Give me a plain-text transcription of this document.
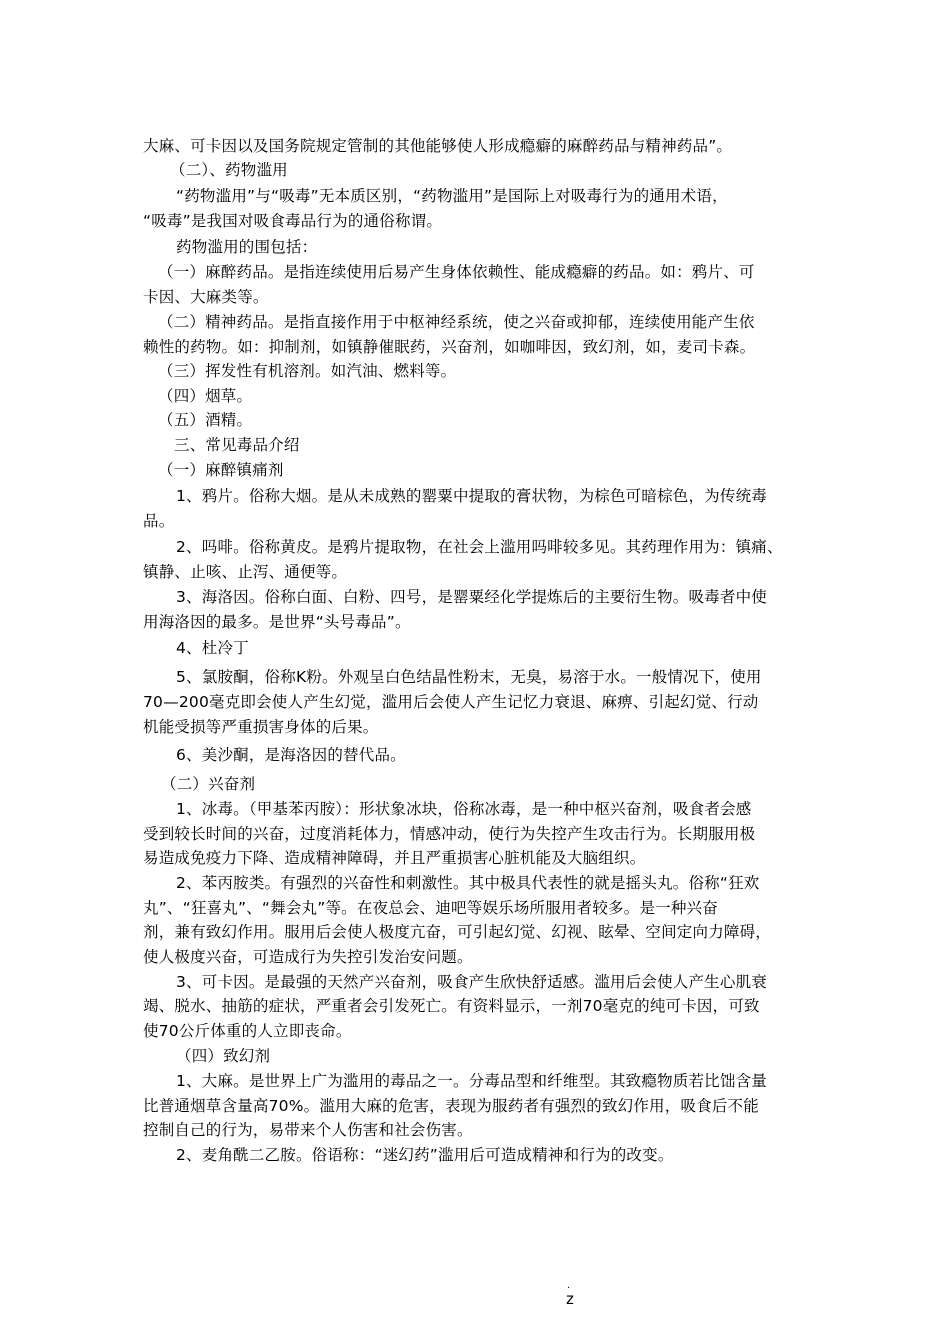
大麻、可卡因以及国务院规定管制的其他能够使人形成瘾癖的麻醉药品与精神药品”。
（二）、药物滥用
“药物滥用”与“吸毒”无本质区别，“药物滥用”是国际上对吸毒行为的通用术语，
“吸毒”是我国对吸食毒品行为的通俗称谓。
药物滥用的围包括：
（一）麻醉药品。是指连续使用后易产生身体依赖性、能成瘾癖的药品。如：鸦片、可
卡因、大麻类等。
（二）精神药品。是指直接作用于中枢神经系统，使之兴奋或抑郁，连续使用能产生依
赖性的药物。如：抑制剂，如镇静催眠药，兴奋剂，如咖啡因，致幻剂，如，麦司卡森。
（三）挥发性有机溶剂。如汽油、燃料等。
（四）烟草。
（五）酒精。
三、常见毒品介绍
（一）麻醉镇痛剂
1、鸦片。俗称大烟。是从未成熟的罂粟中提取的膏状物，为棕色可暗棕色，为传统毒
品。
2、吗啡。俗称黄皮。是鸦片提取物，在社会上滥用吗啡较多见。其药理作用为：镇痛、
镇静、止咳、止泻、通便等。
3、海洛因。俗称白面、白粉、四号，是罂粟经化学提炼后的主要衍生物。吸毒者中使
用海洛因的最多。是世界“头号毒品”。
4、杜冷丁
5、氯胺酮，俗称K粉。外观呈白色结晶性粉末，无臭，易溶于水。一般情况下，使用
70—200毫克即会使人产生幻觉，滥用后会使人产生记忆力衰退、麻痹、引起幻觉、行动
机能受损等严重损害身体的后果。
6、美沙酮，是海洛因的替代品。
（二）兴奋剂
1、冰毒。（甲基苯丙胺）：形状象冰块，俗称冰毒，是一种中枢兴奋剂，吸食者会感
受到较长时间的兴奋，过度消耗体力，情感冲动，使行为失控产生攻击行为。长期服用极
易造成免疫力下降、造成精神障碍，并且严重损害心脏机能及大脑组织。
2、苯丙胺类。有强烈的兴奋性和刺激性。其中极具代表性的就是摇头丸。俗称“狂欢
丸”、“狂喜丸”、“舞会丸”等。在夜总会、迪吧等娱乐场所服用者较多。是一种兴奋
剂，兼有致幻作用。服用后会使人极度亢奋，可引起幻觉、幻视、眩晕、空间定向力障碍，
使人极度兴奋，可造成行为失控引发治安问题。
3、可卡因。是最强的天然产兴奋剂，吸食产生欣快舒适感。滥用后会使人产生心肌衰
竭、脱水、抽筋的症状，严重者会引发死亡。有资料显示，一剂70毫克的纯可卡因，可致
使70公斤体重的人立即丧命。
（四）致幻剂
1、大麻。是世界上广为滥用的毒品之一。分毒品型和纤维型。其致瘾物质若比饳含量
比普通烟草含量高70%。滥用大麻的危害，表现为服药者有强烈的致幻作用，吸食后不能
控制自己的行为，易带来个人伤害和社会伤害。
2、麦角酰二乙胺。俗语称：“迷幻药”滥用后可造成精神和行为的改变。
.
z
